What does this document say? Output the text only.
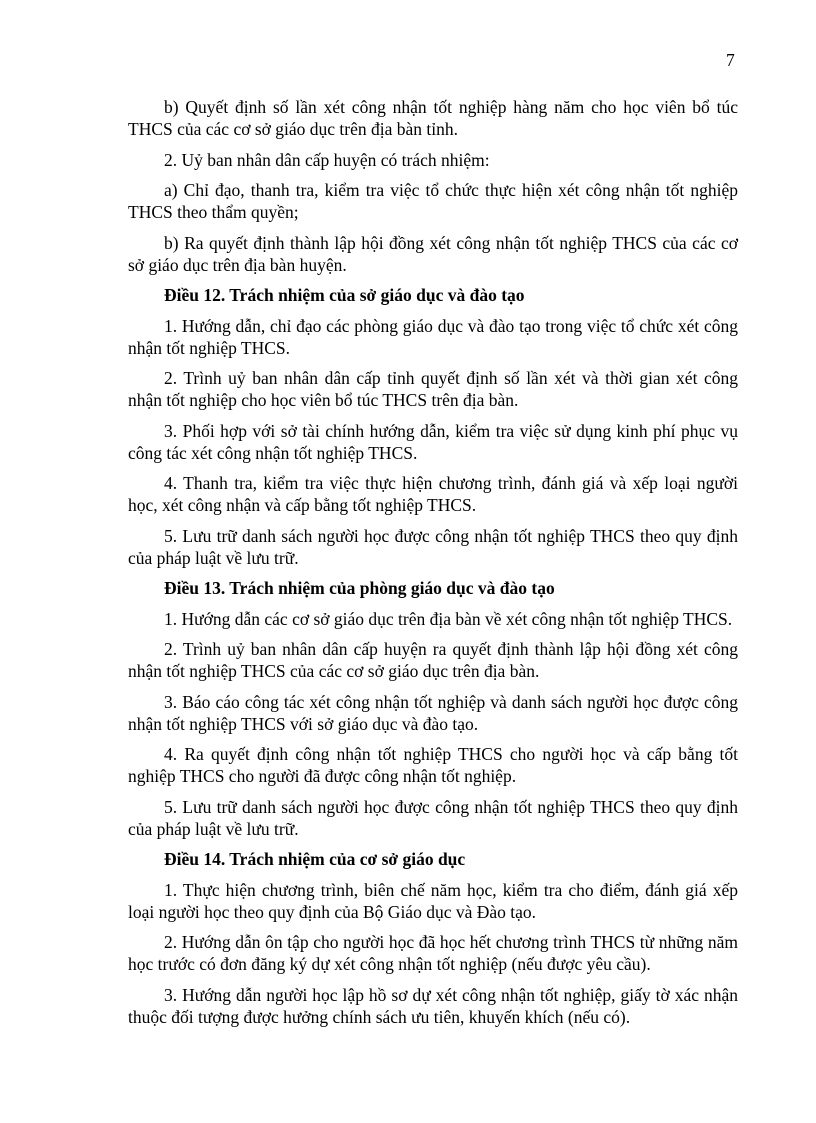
7

b) Quyết định số lần xét công nhận tốt nghiệp hàng năm cho học viên bổ túc THCS của các cơ sở giáo dục trên địa bàn tỉnh.

2. Uỷ ban nhân dân cấp huyện có trách nhiệm:

a) Chỉ đạo, thanh tra, kiểm tra việc tổ chức thực hiện xét công nhận tốt nghiệp THCS theo thẩm quyền;

b) Ra quyết định thành lập hội đồng xét công nhận tốt nghiệp THCS của các cơ sở giáo dục trên địa bàn huyện.

Điều 12. Trách nhiệm của sở giáo dục và đào tạo

1. Hướng dẫn, chỉ đạo các phòng giáo dục và đào tạo trong việc tổ chức xét công nhận tốt nghiệp THCS.

2. Trình uỷ ban nhân dân cấp tỉnh quyết định số lần xét và thời gian xét công nhận tốt nghiệp cho học viên bổ túc THCS trên địa bàn.

3. Phối hợp với sở tài chính hướng dẫn, kiểm tra việc sử dụng kinh phí phục vụ công tác xét công nhận tốt nghiệp THCS.

4. Thanh tra, kiểm tra việc thực hiện chương trình, đánh giá và xếp loại người học, xét công nhận và cấp bằng tốt nghiệp THCS.

5. Lưu trữ danh sách người học được công nhận tốt nghiệp THCS theo quy định của pháp luật về lưu trữ.

Điều 13. Trách nhiệm của phòng giáo dục và đào tạo

1. Hướng dẫn các cơ sở giáo dục trên địa bàn về xét công nhận tốt nghiệp THCS.

2. Trình uỷ ban nhân dân cấp huyện ra quyết định thành lập hội đồng xét công nhận tốt nghiệp THCS của các cơ sở giáo dục trên địa bàn.

3. Báo cáo công tác xét công nhận tốt nghiệp và danh sách người học được công nhận tốt nghiệp THCS với sở giáo dục và đào tạo.

4. Ra quyết định công nhận tốt nghiệp THCS cho người học và cấp bằng tốt nghiệp THCS cho người đã được công nhận tốt nghiệp.

5. Lưu trữ danh sách người học được công nhận tốt nghiệp THCS theo quy định của pháp luật về lưu trữ.

Điều 14. Trách nhiệm của cơ sở giáo dục

1. Thực hiện chương trình, biên chế năm học, kiểm tra cho điểm, đánh giá xếp loại người học theo quy định của Bộ Giáo dục và Đào tạo.

2. Hướng dẫn ôn tập cho người học đã học hết chương trình THCS từ những năm học trước có đơn đăng ký dự xét công nhận tốt nghiệp (nếu được yêu cầu).

3. Hướng dẫn người học lập hồ sơ dự xét công nhận tốt nghiệp, giấy tờ xác nhận thuộc đối tượng được hưởng chính sách ưu tiên, khuyến khích (nếu có).
